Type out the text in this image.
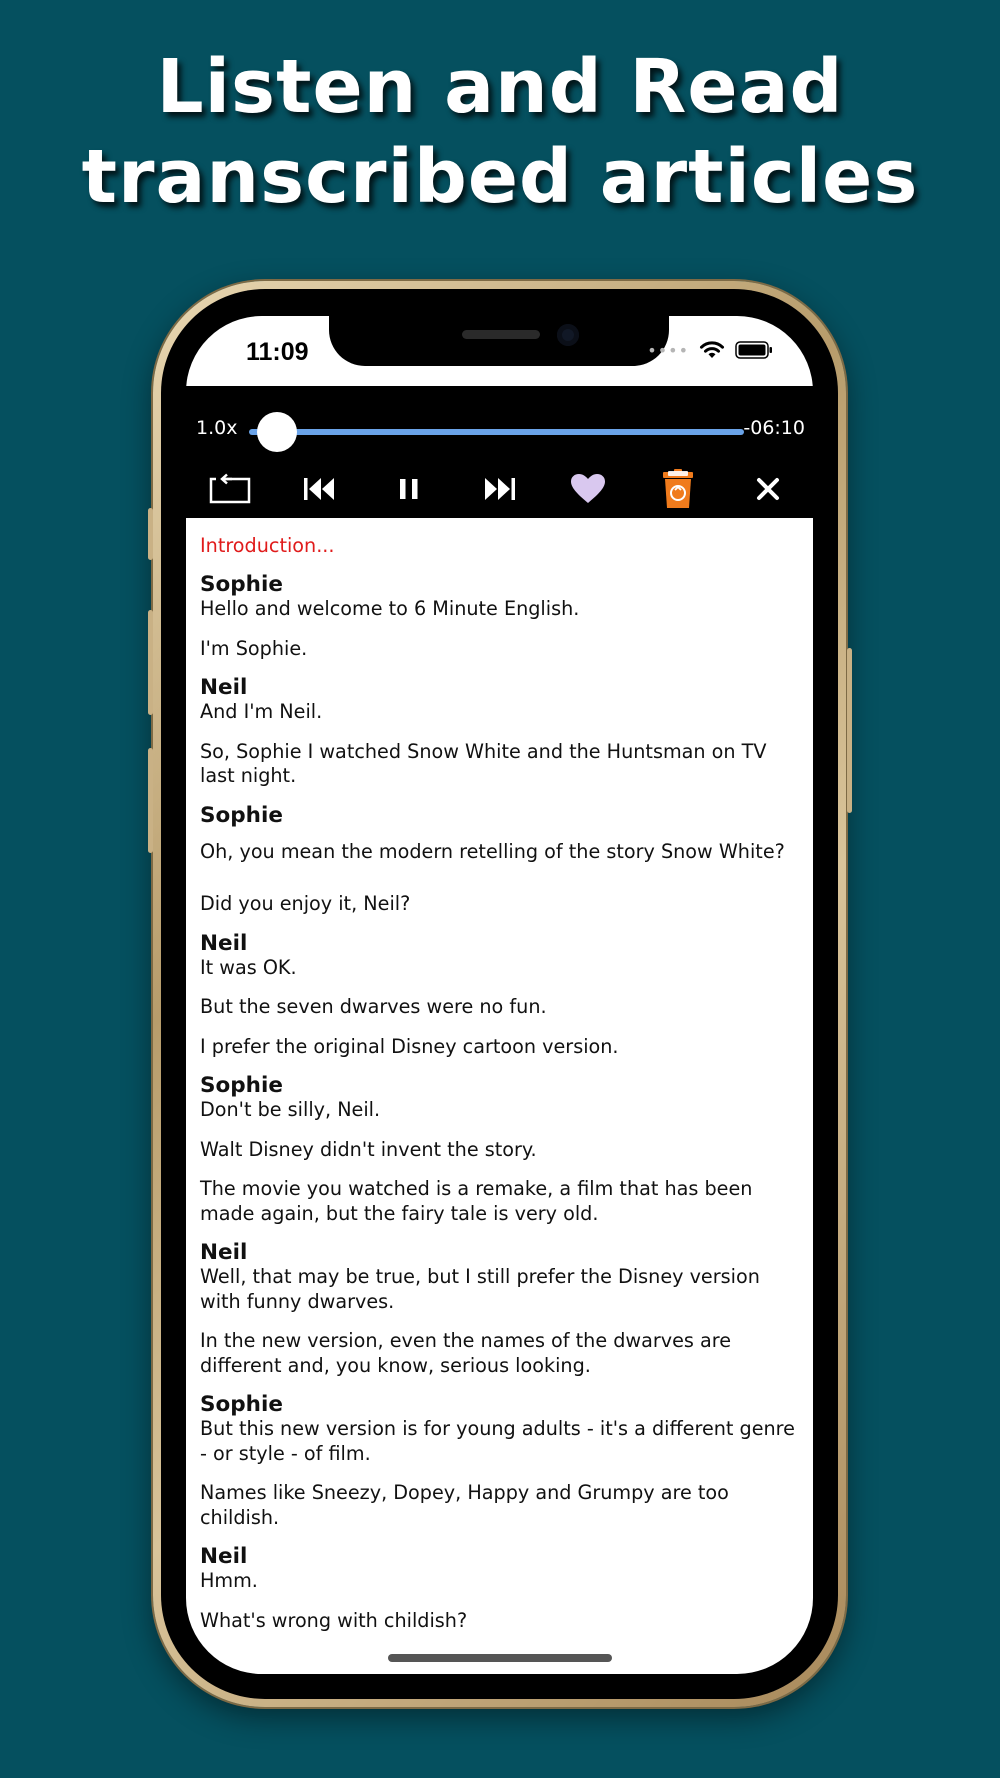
Listen and Read
transcribed articles
11:09	••••
1.0x	-06:10
Introduction...
Sophie
Hello and welcome to 6 Minute English.
I'm Sophie.
Neil
And I'm Neil.
So, Sophie I watched Snow White and the Huntsman on TV last night.
Sophie
Oh, you mean the modern retelling of the story Snow White?
Did you enjoy it, Neil?
Neil
It was OK.
But the seven dwarves were no fun.
I prefer the original Disney cartoon version.
Sophie
Don't be silly, Neil.
Walt Disney didn't invent the story.
The movie you watched is a remake, a film that has been made again, but the fairy tale is very old.
Neil
Well, that may be true, but I still prefer the Disney version with funny dwarves.
In the new version, even the names of the dwarves are different and, you know, serious looking.
Sophie
But this new version is for young adults - it's a different genre - or style - of film.
Names like Sneezy, Dopey, Happy and Grumpy are too childish.
Neil
Hmm.
What's wrong with childish?
